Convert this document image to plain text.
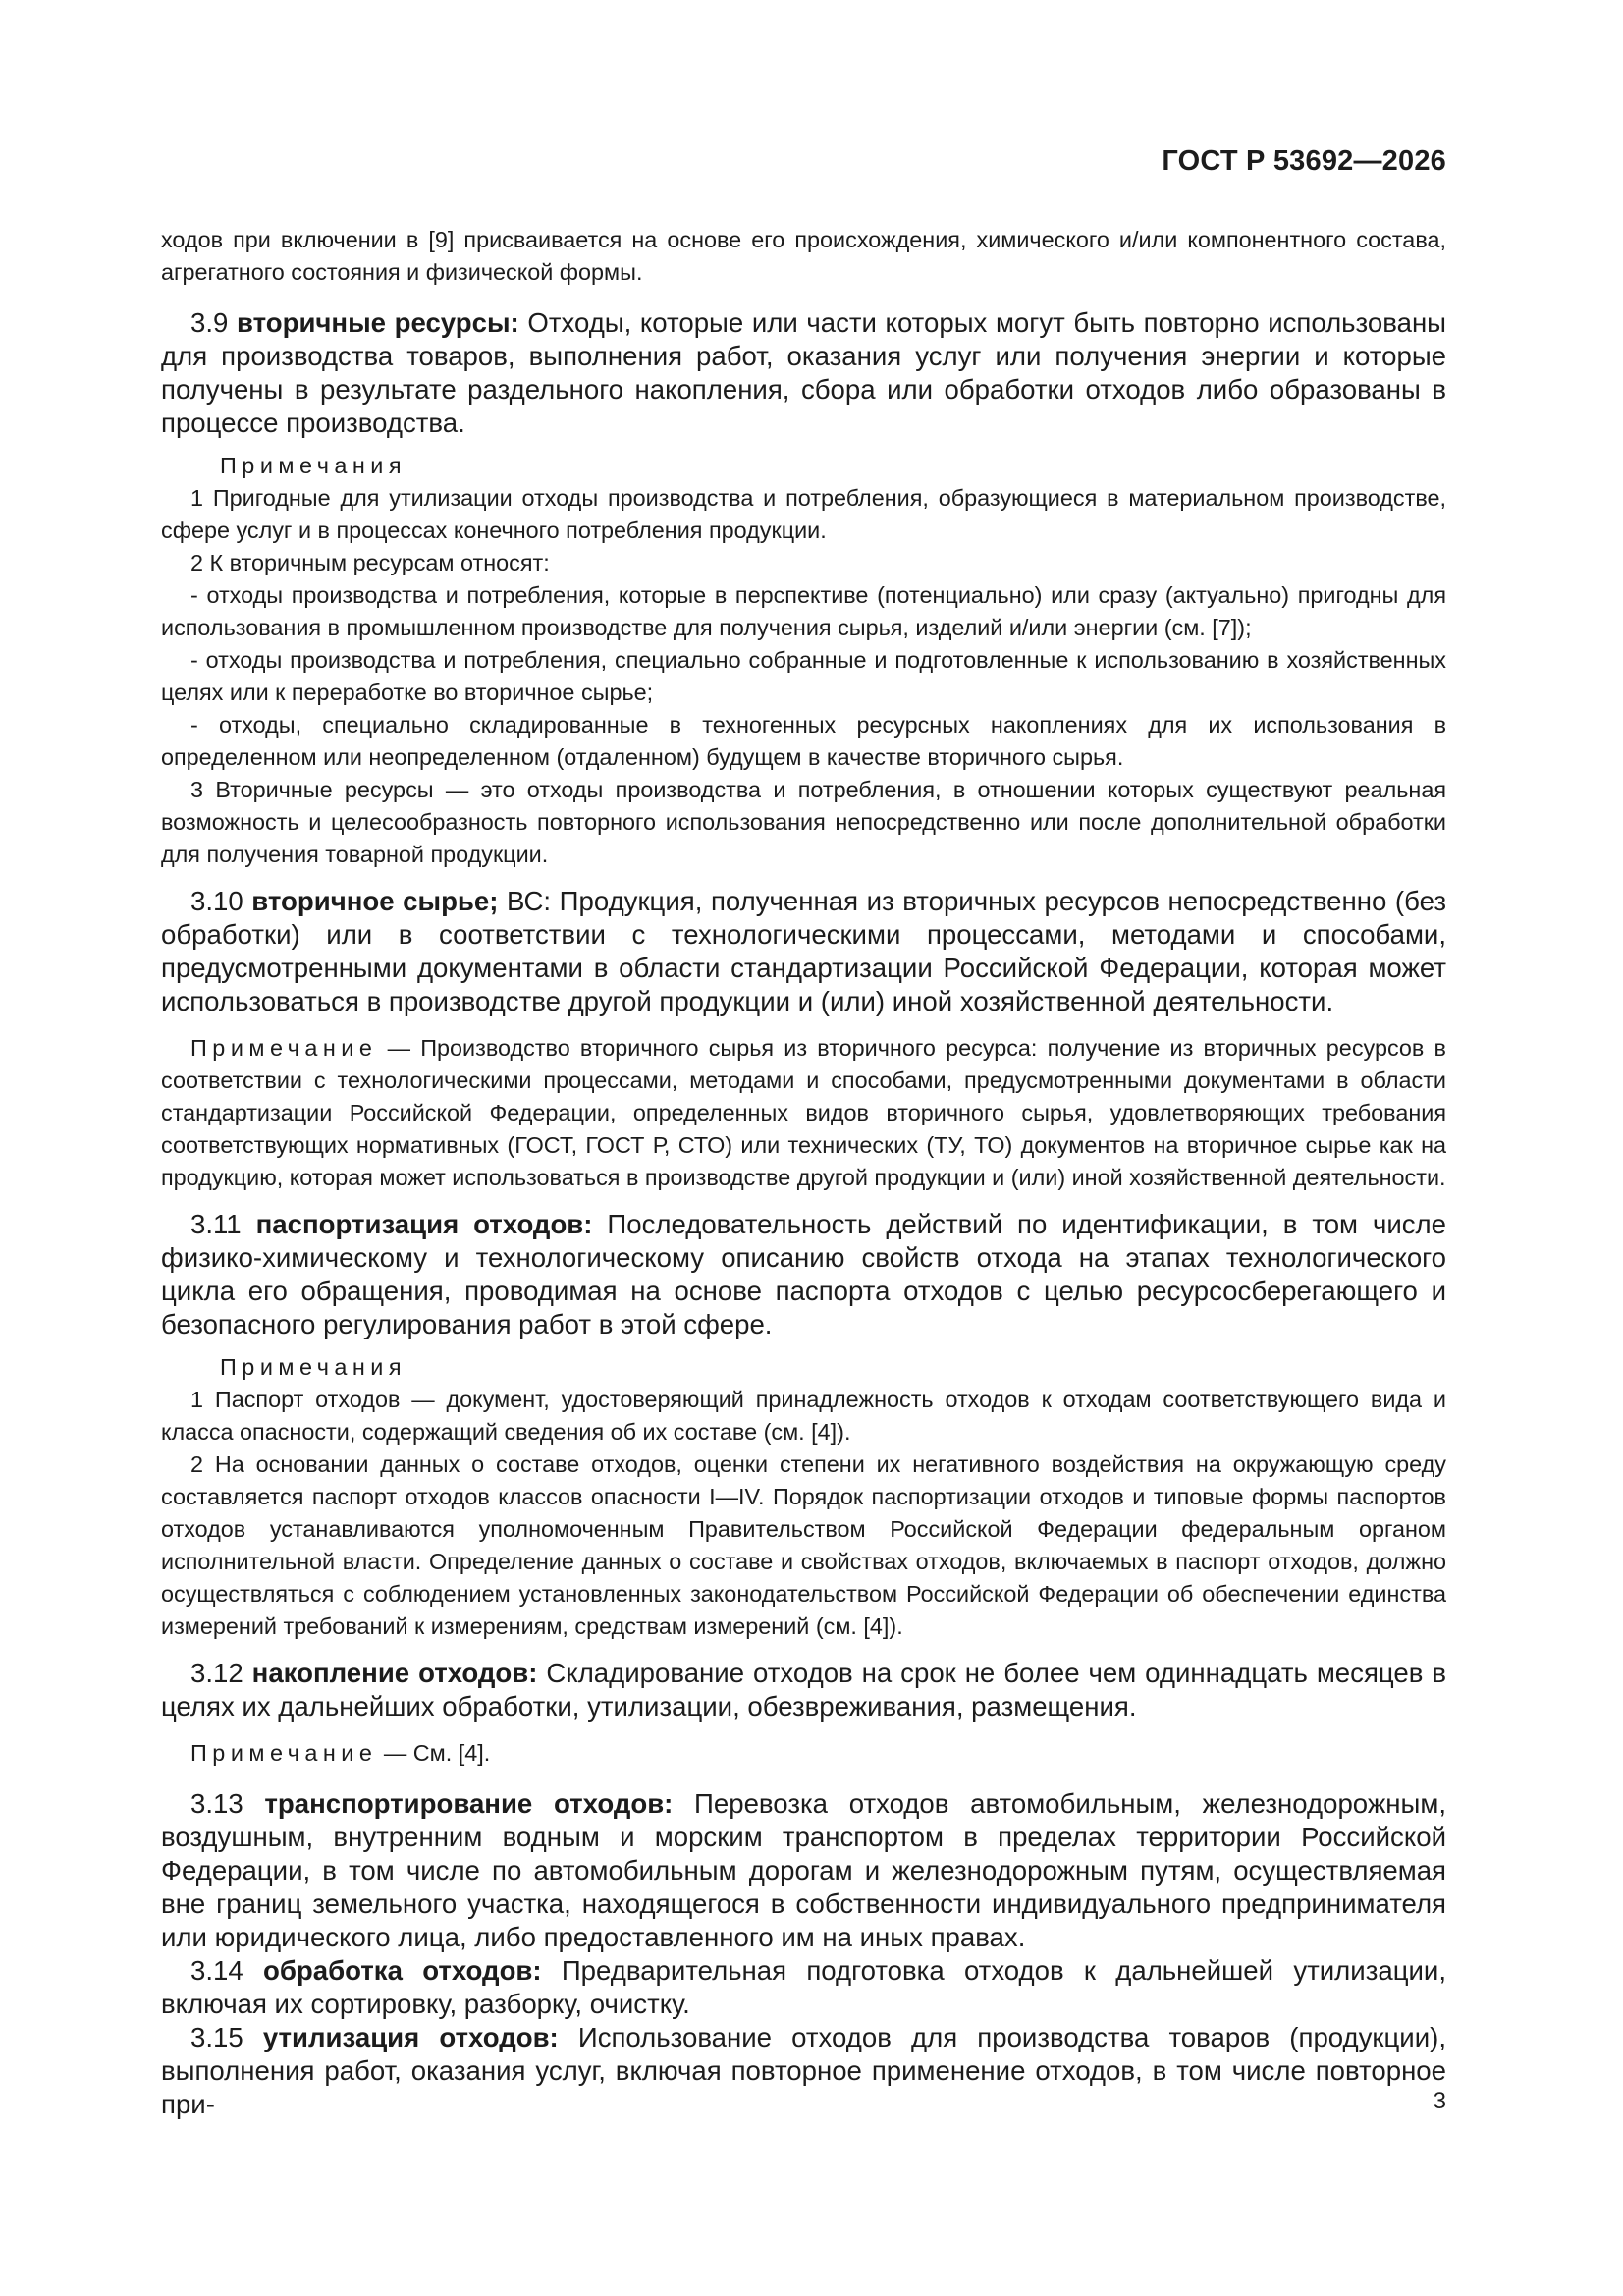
ГОСТ Р 53692—2026

ходов при включении в [9] присваивается на основе его происхождения, химического и/или компонентного состава, агрегатного состояния и физической формы.

3.9 вторичные ресурсы: Отходы, которые или части которых могут быть повторно использованы для производства товаров, выполнения работ, оказания услуг или получения энергии и которые получены в результате раздельного накопления, сбора или обработки отходов либо образованы в процессе производства.

Примечания

1 Пригодные для утилизации отходы производства и потребления, образующиеся в материальном производстве, сфере услуг и в процессах конечного потребления продукции.

2 К вторичным ресурсам относят:

- отходы производства и потребления, которые в перспективе (потенциально) или сразу (актуально) пригодны для использования в промышленном производстве для получения сырья, изделий и/или энергии (см. [7]);

- отходы производства и потребления, специально собранные и подготовленные к использованию в хозяйственных целях или к переработке во вторичное сырье;

- отходы, специально складированные в техногенных ресурсных накоплениях для их использования в определенном или неопределенном (отдаленном) будущем в качестве вторичного сырья.

3 Вторичные ресурсы — это отходы производства и потребления, в отношении которых существуют реальная возможность и целесообразность повторного использования непосредственно или после дополнительной обработки для получения товарной продукции.

3.10 вторичное сырье; ВС: Продукция, полученная из вторичных ресурсов непосредственно (без обработки) или в соответствии с технологическими процессами, методами и способами, предусмотренными документами в области стандартизации Российской Федерации, которая может использоваться в производстве другой продукции и (или) иной хозяйственной деятельности.

Примечание — Производство вторичного сырья из вторичного ресурса: получение из вторичных ресурсов в соответствии с технологическими процессами, методами и способами, предусмотренными документами в области стандартизации Российской Федерации, определенных видов вторичного сырья, удовлетворяющих требования соответствующих нормативных (ГОСТ, ГОСТ Р, СТО) или технических (ТУ, ТО) документов на вторичное сырье как на продукцию, которая может использоваться в производстве другой продукции и (или) иной хозяйственной деятельности.

3.11 паспортизация отходов: Последовательность действий по идентификации, в том числе физико-химическому и технологическому описанию свойств отхода на этапах технологического цикла его обращения, проводимая на основе паспорта отходов с целью ресурсосберегающего и безопасного регулирования работ в этой сфере.

Примечания

1 Паспорт отходов — документ, удостоверяющий принадлежность отходов к отходам соответствующего вида и класса опасности, содержащий сведения об их составе (см. [4]).

2 На основании данных о составе отходов, оценки степени их негативного воздействия на окружающую среду составляется паспорт отходов классов опасности I—IV. Порядок паспортизации отходов и типовые формы паспортов отходов устанавливаются уполномоченным Правительством Российской Федерации федеральным органом исполнительной власти. Определение данных о составе и свойствах отходов, включаемых в паспорт отходов, должно осуществляться с соблюдением установленных законодательством Российской Федерации об обеспечении единства измерений требований к измерениям, средствам измерений (см. [4]).

3.12 накопление отходов: Складирование отходов на срок не более чем одиннадцать месяцев в целях их дальнейших обработки, утилизации, обезвреживания, размещения.

Примечание — См. [4].

3.13 транспортирование отходов: Перевозка отходов автомобильным, железнодорожным, воздушным, внутренним водным и морским транспортом в пределах территории Российской Федерации, в том числе по автомобильным дорогам и железнодорожным путям, осуществляемая вне границ земельного участка, находящегося в собственности индивидуального предпринимателя или юридического лица, либо предоставленного им на иных правах.

3.14 обработка отходов: Предварительная подготовка отходов к дальнейшей утилизации, включая их сортировку, разборку, очистку.

3.15 утилизация отходов: Использование отходов для производства товаров (продукции), выполнения работ, оказания услуг, включая повторное применение отходов, в том числе повторное при-	3
